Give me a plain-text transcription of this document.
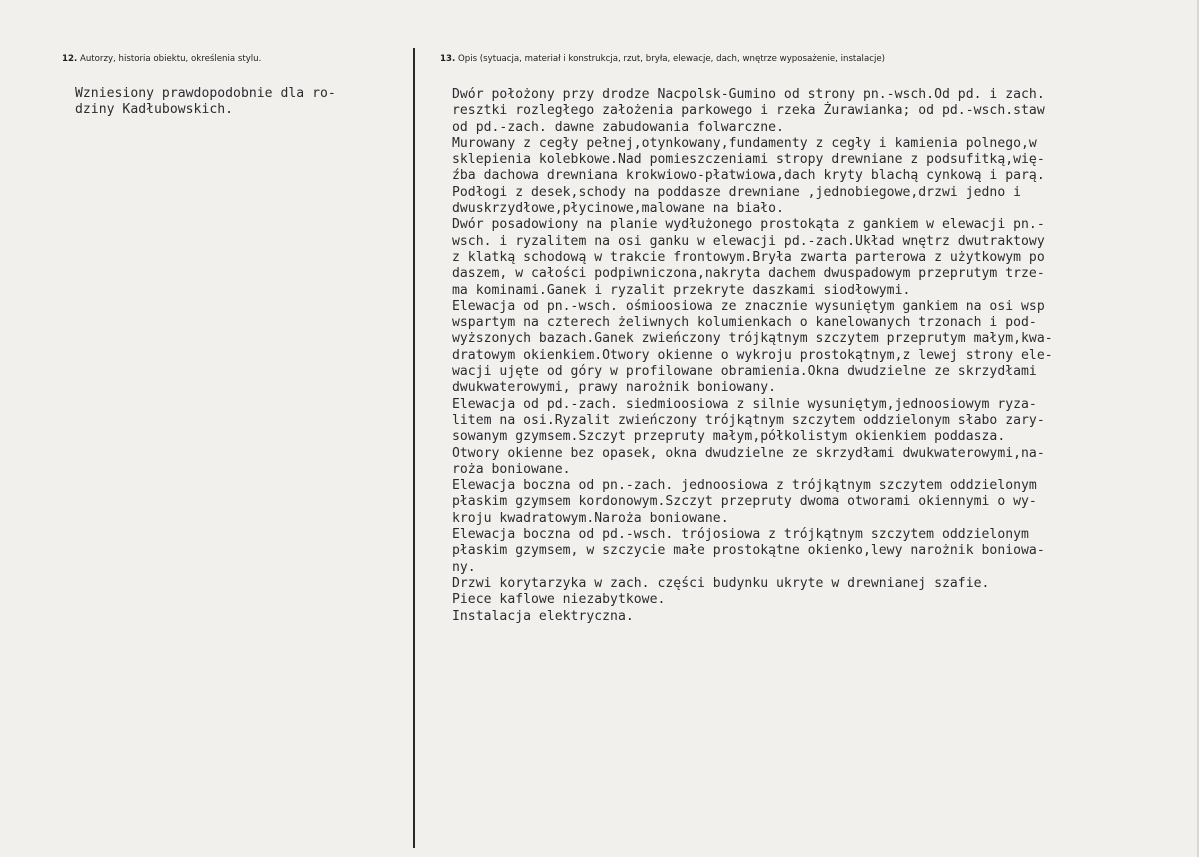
12. Autorzy, historia obiektu, określenia stylu.	13. Opis (sytuacja, materiał i konstrukcja, rzut, bryła, elewacje, dach, wnętrze wyposażenie, instalacje)
Wzniesiony prawdopodobnie dla ro-
dziny Kadłubowskich.
Dwór położony przy drodze Nacpolsk-Gumino od strony pn.-wsch.Od pd. i zach.
resztki rozległego założenia parkowego i rzeka Żurawianka; od pd.-wsch.staw
od pd.-zach. dawne zabudowania folwarczne.
Murowany z cegły pełnej,otynkowany,fundamenty z cegły i kamienia polnego,w
sklepienia kolebkowe.Nad pomieszczeniami stropy drewniane z podsufitką,wię-
źba dachowa drewniana krokwiowo-płatwiowa,dach kryty blachą cynkową i parą.
Podłogi z desek,schody na poddasze drewniane ,jednobiegowe,drzwi jedno i
dwuskrzydłowe,płycinowe,malowane na biało.
Dwór posadowiony na planie wydłużonego prostokąta z gankiem w elewacji pn.-
wsch. i ryzalitem na osi ganku w elewacji pd.-zach.Układ wnętrz dwutraktowy
z klatką schodową w trakcie frontowym.Bryła zwarta parterowa z użytkowym po
daszem, w całości podpiwniczona,nakryta dachem dwuspadowym przeprutym trze-
ma kominami.Ganek i ryzalit przekryte daszkami siodłowymi.
Elewacja od pn.-wsch. ośmioosiowa ze znacznie wysuniętym gankiem na osi wsp
wspartym na czterech żeliwnych kolumienkach o kanelowanych trzonach i pod-
wyższonych bazach.Ganek zwieńczony trójkątnym szczytem przeprutym małym,kwa-
dratowym okienkiem.Otwory okienne o wykroju prostokątnym,z lewej strony ele-
wacji ujęte od góry w profilowane obramienia.Okna dwudzielne ze skrzydłami
dwukwaterowymi, prawy narożnik boniowany.
Elewacja od pd.-zach. siedmioosiowa z silnie wysuniętym,jednoosiowym ryza-
litem na osi.Ryzalit zwieńczony trójkątnym szczytem oddzielonym słabo zary-
sowanym gzymsem.Szczyt przepruty małym,półkolistym okienkiem poddasza.
Otwory okienne bez opasek, okna dwudzielne ze skrzydłami dwukwaterowymi,na-
roża boniowane.
Elewacja boczna od pn.-zach. jednoosiowa z trójkątnym szczytem oddzielonym
płaskim gzymsem kordonowym.Szczyt przepruty dwoma otworami okiennymi o wy-
kroju kwadratowym.Naroża boniowane.
Elewacja boczna od pd.-wsch. trójosiowa z trójkątnym szczytem oddzielonym
płaskim gzymsem, w szczycie małe prostokątne okienko,lewy narożnik boniowa-
ny.
Drzwi korytarzyka w zach. części budynku ukryte w drewnianej szafie.
Piece kaflowe niezabytkowe.
Instalacja elektryczna.
